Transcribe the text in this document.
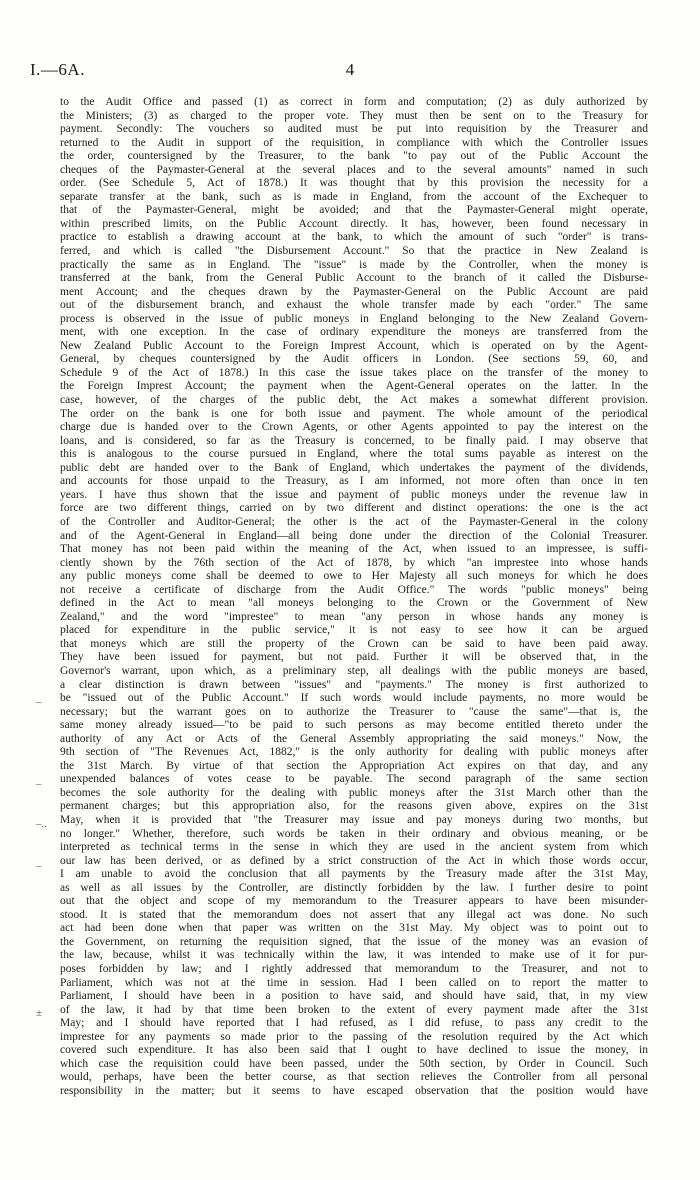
I.—6A.	4
–
–
–..
–
±
to the Audit Office and passed (1) as correct in form and computation; (2) as duly authorized by
the Ministers; (3) as charged to the proper vote. They must then be sent on to the Treasury for
payment. Secondly: The vouchers so audited must be put into requisition by the Treasurer and
returned to the Audit in support of the requisition, in compliance with which the Controller issues
the order, countersigned by the Treasurer, to the bank "to pay out of the Public Account the
cheques of the Paymaster-General at the several places and to the several amounts" named in such
order. (See Schedule 5, Act of 1878.) It was thought that by this provision the necessity for a
separate transfer at the bank, such as is made in England, from the account of the Exchequer to
that of the Paymaster-General, might be avoided; and that the Paymaster-General might operate,
within prescribed limits, on the Public Account directly. It has, however, been found necessary in
practice to establish a drawing account at the bank, to which the amount of such "order" is trans-
ferred, and which is called "the Disbursement Account." So that the practice in New Zealand is
practically the same as in England. The "issue" is made by the Controller, when the money is
transferred at the bank, from the General Public Account to the branch of it called the Disburse-
ment Account; and the cheques drawn by the Paymaster-General on the Public Account are paid
out of the disbursement branch, and exhaust the whole transfer made by each "order." The same
process is observed in the issue of public moneys in England belonging to the New Zealand Govern-
ment, with one exception. In the case of ordinary expenditure the moneys are transferred from the
New Zealand Public Account to the Foreign Imprest Account, which is operated on by the Agent-
General, by cheques countersigned by the Audit officers in London. (See sections 59, 60, and
Schedule 9 of the Act of 1878.) In this case the issue takes place on the transfer of the money to
the Foreign Imprest Account; the payment when the Agent-General operates on the latter. In the
case, however, of the charges of the public debt, the Act makes a somewhat different provision.
The order on the bank is one for both issue and payment. The whole amount of the periodical
charge due is handed over to the Crown Agents, or other Agents appointed to pay the interest on the
loans, and is considered, so far as the Treasury is concerned, to be finally paid. I may observe that
this is analogous to the course pursued in England, where the total sums payable as interest on the
public debt are handed over to the Bank of England, which undertakes the payment of the dividends,
and accounts for those unpaid to the Treasury, as I am informed, not more often than once in ten
years. I have thus shown that the issue and payment of public moneys under the revenue law in
force are two different things, carried on by two different and distinct operations: the one is the act
of the Controller and Auditor-General; the other is the act of the Paymaster-General in the colony
and of the Agent-General in England—all being done under the direction of the Colonial Treasurer.
That money has not been paid within the meaning of the Act, when issued to an impressee, is suffi-
ciently shown by the 76th section of the Act of 1878, by which "an imprestee into whose hands
any public moneys come shall be deemed to owe to Her Majesty all such moneys for which he does
not receive a certificate of discharge from the Audit Office." The words "public moneys" being
defined in the Act to mean "all moneys belonging to the Crown or the Government of New
Zealand," and the word "imprestee" to mean "any person in whose hands any money is
placed for expenditure in the public service," it is not easy to see how it can be argued
that moneys which are still the property of the Crown can be said to have been paid away.
They have been issued for payment, but not paid. Further it will be observed that, in the
Governor's warrant, upon which, as a preliminary step, all dealings with the public moneys are based,
a clear distinction is drawn between "issues" and "payments." The money is first authorized to
be "issued out of the Public Account." If such words would include payments, no more would be
necessary; but the warrant goes on to authorize the Treasurer to "cause the same"—that is, the
same money already issued—"to be paid to such persons as may become entitled thereto under the
authority of any Act or Acts of the General Assembly appropriating the said moneys." Now, the
9th section of "The Revenues Act, 1882," is the only authority for dealing with public moneys after
the 31st March. By virtue of that section the Appropriation Act expires on that day, and any
unexpended balances of votes cease to be payable. The second paragraph of the same section
becomes the sole authority for the dealing with public moneys after the 31st March other than the
permanent charges; but this appropriation also, for the reasons given above, expires on the 31st
May, when it is provided that "the Treasurer may issue and pay moneys during two months, but
no longer." Whether, therefore, such words be taken in their ordinary and obvious meaning, or be
interpreted as technical terms in the sense in which they are used in the ancient system from which
our law has been derived, or as defined by a strict construction of the Act in which those words occur,
I am unable to avoid the conclusion that all payments by the Treasury made after the 31st May,
as well as all issues by the Controller, are distinctly forbidden by the law. I further desire to point
out that the object and scope of my memorandum to the Treasurer appears to have been misunder-
stood. It is stated that the memorandum does not assert that any illegal act was done. No such
act had been done when that paper was written on the 31st May. My object was to point out to
the Government, on returning the requisition signed, that the issue of the money was an evasion of
the law, because, whilst it was technically within the law, it was intended to make use of it for pur-
poses forbidden by law; and I rightly addressed that memorandum to the Treasurer, and not to
Parliament, which was not at the time in session. Had I been called on to report the matter to
Parliament, I should have been in a position to have said, and should have said, that, in my view
of the law, it had by that time been broken to the extent of every payment made after the 31st
May; and I should have reported that I had refused, as I did refuse, to pass any credit to the
imprestee for any payments so made prior to the passing of the resolution required by the Act which
covered such expenditure. It has also been said that I ought to have declined to issue the money, in
which case the requisition could have been passed, under the 50th section, by Order in Council. Such
would, perhaps, have been the better course, as that section relieves the Controller from all personal
responsibility in the matter; but it seems to have escaped observation that the position would have
